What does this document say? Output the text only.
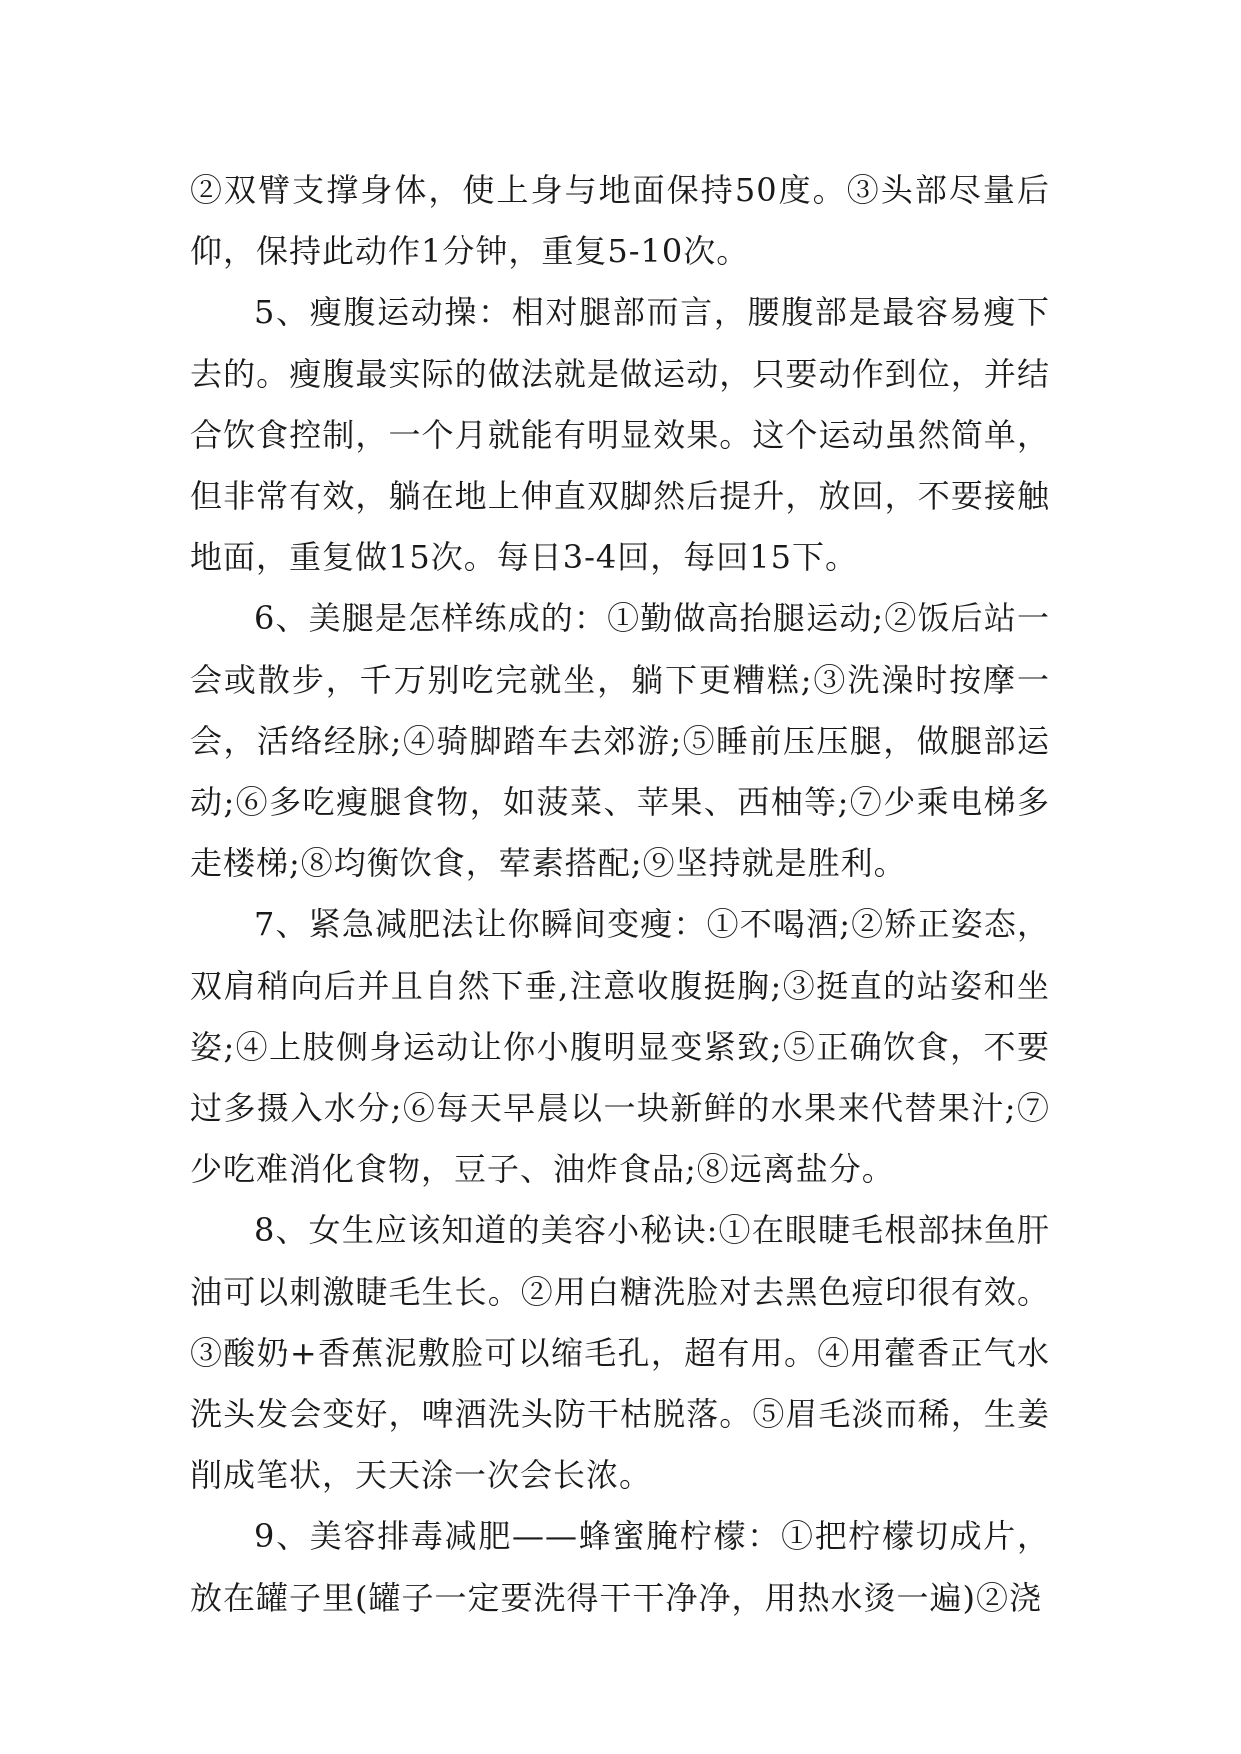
②双臂支撑身体，使上身与地面保持50度。③头部尽量后仰，保持此动作1分钟，重复5-10次。

5、瘦腹运动操：相对腿部而言，腰腹部是最容易瘦下去的。瘦腹最实际的做法就是做运动，只要动作到位，并结合饮食控制，一个月就能有明显效果。这个运动虽然简单，但非常有效，躺在地上伸直双脚然后提升，放回，不要接触地面，重复做15次。每日3-4回，每回15下。

6、美腿是怎样练成的：①勤做高抬腿运动;②饭后站一会或散步，千万别吃完就坐，躺下更糟糕;③洗澡时按摩一会，活络经脉;④骑脚踏车去郊游;⑤睡前压压腿，做腿部运动;⑥多吃瘦腿食物，如菠菜、苹果、西柚等;⑦少乘电梯多走楼梯;⑧均衡饮食，荤素搭配;⑨坚持就是胜利。

7、紧急减肥法让你瞬间变瘦：①不喝酒;②矫正姿态，双肩稍向后并且自然下垂,注意收腹挺胸;③挺直的站姿和坐姿;④上肢侧身运动让你小腹明显变紧致;⑤正确饮食，不要过多摄入水分;⑥每天早晨以一块新鲜的水果来代替果汁;⑦少吃难消化食物，豆子、油炸食品;⑧远离盐分。

8、女生应该知道的美容小秘诀:①在眼睫毛根部抹鱼肝油可以刺激睫毛生长。②用白糖洗脸对去黑色痘印很有效。③酸奶+香蕉泥敷脸可以缩毛孔，超有用。④用藿香正气水洗头发会变好，啤酒洗头防干枯脱落。⑤眉毛淡而稀，生姜削成笔状，天天涂一次会长浓。

9、美容排毒减肥——蜂蜜腌柠檬：①把柠檬切成片，放在罐子里(罐子一定要洗得干干净净，用热水烫一遍)②浇
